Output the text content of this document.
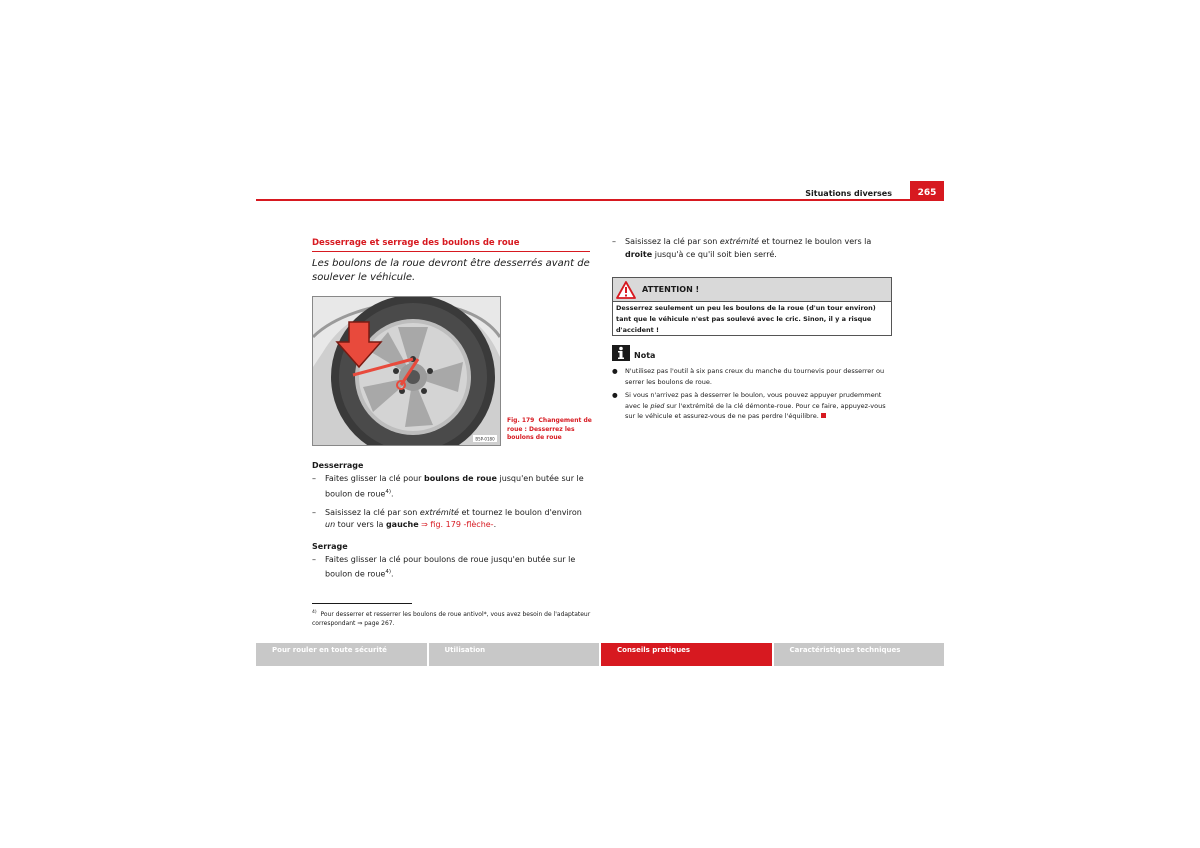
Situations diverses	265
Desserrage et serrage des boulons de roue
Les boulons de la roue devront être desserrés avant de soulever le véhicule.
B5P-0180
Fig. 179 Changement de roue : Desserrez les boulons de roue
Desserrage
–	Faites glisser la clé pour boulons de roue jusqu'en butée sur le boulon de roue$^{4)}$.
–	Saisissez la clé par son extrémité et tournez le boulon d'environ un tour vers la gauche ⇒ fig. 179 -flèche-.
Serrage
–	Faites glisser la clé pour boulons de roue jusqu'en butée sur le boulon de roue$^{4)}$.
$^{4)}$ Pour desserrer et resserrer les boulons de roue antivol*, vous avez besoin de l'adaptateur correspondant ⇒ page 267.
–	Saisissez la clé par son extrémité et tournez le boulon vers la droite jusqu'à ce qu'il soit bien serré.
ATTENTION !
Desserrez seulement un peu les boulons de la roue (d'un tour environ) tant que le véhicule n'est pas soulevé avec le cric. Sinon, il y a risque d'accident !
Nota
●	N'utilisez pas l'outil à six pans creux du manche du tournevis pour desserrer ou serrer les boulons de roue.
●	Si vous n'arrivez pas à desserrer le boulon, vous pouvez appuyer prudemment avec le pied sur l'extrémité de la clé démonte-roue. Pour ce faire, appuyez-vous sur le véhicule et assurez-vous de ne pas perdre l'équilibre.
Pour rouler en toute sécurité	Utilisation	Conseils pratiques	Caractéristiques techniques
